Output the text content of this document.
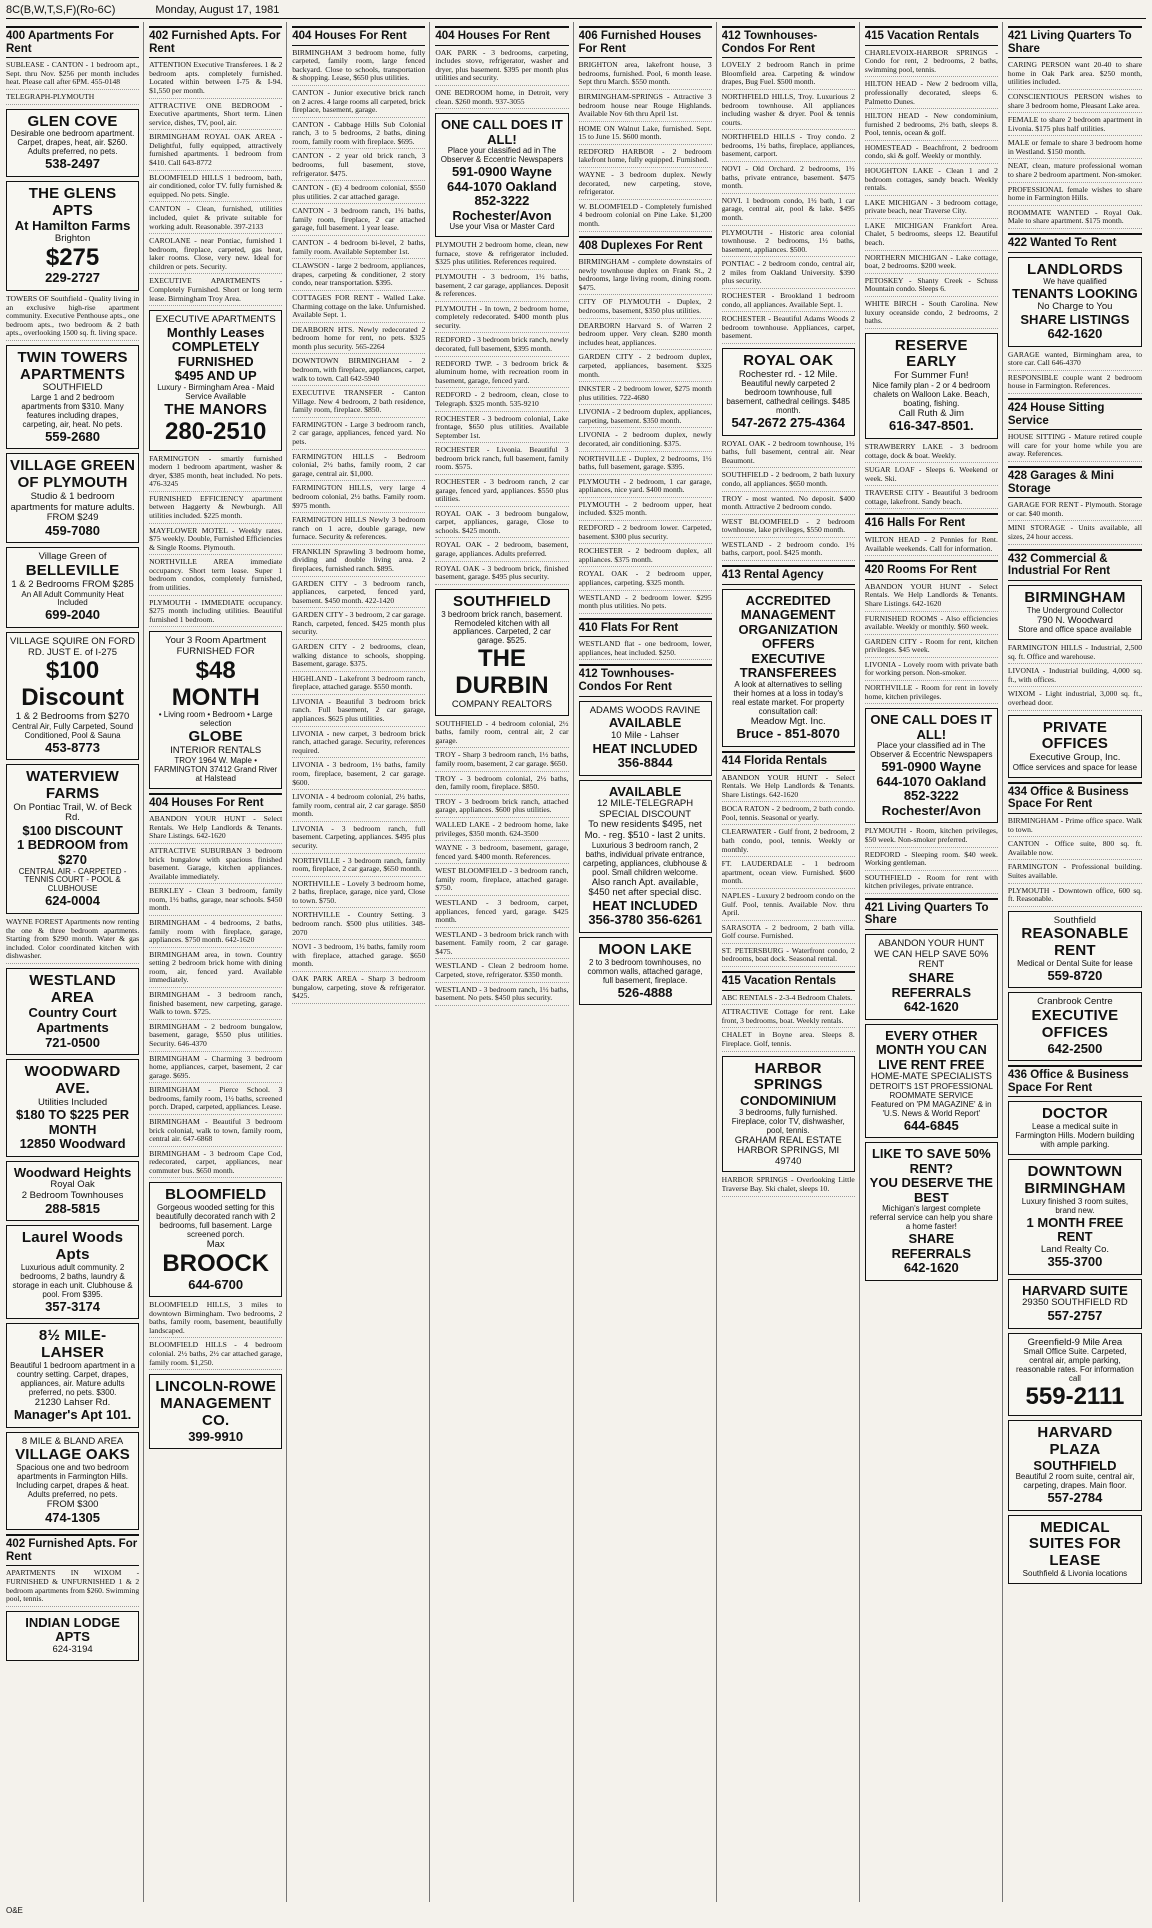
8C(B,W,T,S,F)(Ro-6C)	Monday, August 17, 1981
400 Apartments For Rent

SUBLEASE - CANTON - 1 bedroom apt., Sept. thru Nov. $256 per month includes heat. Please call after 6PM. 455-0148

TELEGRAPH-PLYMOUTH

GLEN COVE
Desirable one bedroom apartment. Carpet, drapes, heat, air. $260. Adults preferred, no pets.
538-2497
THE GLENS APTS
At Hamilton Farms
Brighton
$275
229-2727

TOWERS OF Southfield - Quality living in an exclusive high-rise apartment community. Executive Penthouse apts., one bedroom apts., two bedroom & 2 bath apts., overlooking 1500 sq. ft. living space.

TWIN TOWERS APARTMENTS
SOUTHFIELD
Large 1 and 2 bedroom apartments from $310. Many features including drapes, carpeting, air, heat. No pets.
559-2680
VILLAGE GREEN OF PLYMOUTH
Studio & 1 bedroom apartments for mature adults.
FROM $249
459-7080
Village Green of
BELLEVILLE
1 & 2 Bedrooms FROM $285
An All Adult Community Heat Included
699-2040
VILLAGE SQUIRE ON FORD RD. JUST E. of I-275
$100 Discount
1 & 2 Bedrooms from $270
Central Air, Fully Carpeted, Sound Conditioned, Pool & Sauna
453-8773
WATERVIEW FARMS
On Pontiac Trail, W. of Beck Rd.
$100 DISCOUNT
1 BEDROOM from $270
CENTRAL AIR - CARPETED - TENNIS COURT - POOL & CLUBHOUSE
624-0004

WAYNE FOREST Apartments now renting the one & three bedroom apartments. Starting from $290 month. Water & gas included. Color coordinated kitchen with dishwasher.

WESTLAND AREA
Country Court Apartments
721-0500
WOODWARD AVE.
Utilities Included
$180 TO $225 PER MONTH
12850 Woodward
Woodward Heights
Royal Oak
2 Bedroom Townhouses
288-5815
Laurel Woods Apts
Luxurious adult community. 2 bedrooms, 2 baths, laundry & storage in each unit. Clubhouse & pool. From $395.
357-3174
8½ MILE-LAHSER
Beautiful 1 bedroom apartment in a country setting. Carpet, drapes, appliances, air. Mature adults preferred, no pets. $300.
21230 Lahser Rd.
Manager's Apt 101.
8 MILE & BLAND AREA
VILLAGE OAKS
Spacious one and two bedroom apartments in Farmington Hills. Including carpet, drapes & heat. Adults preferred, no pets.
FROM $300
474-1305
402 Furnished Apts. For Rent

APARTMENTS IN WIXOM - FURNISHED & UNFURNISHED 1 & 2 bedroom apartments from $260. Swimming pool, tennis.

INDIAN LODGE APTS
624-3194
402 Furnished Apts. For Rent

ATTENTION Executive Transferees. 1 & 2 bedroom apts. completely furnished. Located within between I-75 & I-94. $1,550 per month.

ATTRACTIVE ONE BEDROOM - Executive apartments, Short term. Linen service, dishes, TV, pool, air.

BIRMINGHAM ROYAL OAK AREA - Delightful, fully equipped, attractively furnished apartments. 1 bedroom from $410. Call 643-8772

BLOOMFIELD HILLS 1 bedroom, bath, air conditioned, color TV. fully furnished & equipped. No pets. Single.

CANTON - Clean, furnished, utilities included, quiet & private suitable for working adult. Reasonable. 397-2133

CAROLANE - near Pontiac, furnished 1 bedroom, fireplace, carpeted, gas heat, laker rooms. Close, very new. Ideal for children or pets. Security.

EXECUTIVE APARTMENTS - Completely Furnished. Short or long term lease. Birmingham Troy Area.

EXECUTIVE APARTMENTS
Monthly Leases COMPLETELY FURNISHED
$495 AND UP
Luxury - Birmingham Area - Maid Service Available
THE MANORS
280-2510

FARMINGTON - smartly furnished modern 1 bedroom apartment, washer & dryer, $385 month, heat included. No pets. 476-3245

FURNISHED EFFICIENCY apartment between Haggerty & Newburgh. All utilities included. $225 month.

MAYFLOWER MOTEL - Weekly rates. $75 weekly. Double, Furnished Efficiencies & Single Rooms. Plymouth.

NORTHVILLE AREA immediate occupancy. Short term lease. Super 1 bedroom condos, completely furnished, from utilities.

PLYMOUTH - IMMEDIATE occupancy. $275 month including utilities. Beautiful furnished 1 bedroom.

Your 3 Room Apartment FURNISHED FOR
$48 MONTH
• Living room • Bedroom • Large selection
GLOBE
INTERIOR RENTALS
TROY 1964 W. Maple • FARMINGTON 37412 Grand River at Halstead
404 Houses For Rent

ABANDON YOUR HUNT - Select Rentals. We Help Landlords & Tenants. Share Listings. 642-1620

ATTRACTIVE SUBURBAN 3 bedroom brick bungalow with spacious finished basement. Garage, kitchen appliances. Available immediately.

BERKLEY - Clean 3 bedroom, family room, 1½ baths, garage, near schools. $450 month.

BIRMINGHAM - 4 bedrooms, 2 baths, family room with fireplace, garage, appliances. $750 month. 642-1620

BIRMINGHAM area, in town. Country setting 2 bedroom brick home with dining room, air, fenced yard. Available immediately.

BIRMINGHAM - 3 bedroom ranch, finished basement, new carpeting, garage. Walk to town. $725.

BIRMINGHAM - 2 bedroom bungalow, basement, garage, $550 plus utilities. Security. 646-4370

BIRMINGHAM - Charming 3 bedroom home, appliances, carpet, basement, 2 car garage. $695.

BIRMINGHAM - Pierce School. 3 bedrooms, family room, 1½ baths, screened porch. Draped, carpeted, appliances. Lease.

BIRMINGHAM - Beautiful 3 bedroom brick colonial, walk to town, family room, central air. 647-6868

BIRMINGHAM - 3 bedroom Cape Cod, redecorated, carpet, appliances, near commuter bus. $650 month.

BLOOMFIELD
Gorgeous wooded setting for this beautifully decorated ranch with 2 bedrooms, full basement. Large screened porch.
Max
BROOCK
644-6700

BLOOMFIELD HILLS, 3 miles to downtown Birmingham. Two bedrooms, 2 baths, family room, basement, beautifully landscaped.

BLOOMFIELD HILLS - 4 bedroom colonial. 2½ baths, 2½ car attached garage, family room. $1,250.

LINCOLN-ROWE MANAGEMENT CO.
399-9910
404 Houses For Rent

BIRMINGHAM 3 bedroom home, fully carpeted, family room, large fenced backyard. Close to schools, transportation & shopping. Lease, $650 plus utilities.

CANTON - Junior executive brick ranch on 2 acres. 4 large rooms all carpeted, brick fireplace, basement, garage.

CANTON - Cabbage Hills Sub Colonial ranch, 3 to 5 bedrooms, 2 baths, dining room, family room with fireplace. $695.

CANTON - 2 year old brick ranch, 3 bedrooms, full basement, stove, refrigerator. $475.

CANTON - (E) 4 bedroom colonial, $550 plus utilities. 2 car attached garage.

CANTON - 3 bedroom ranch, 1½ baths, family room, fireplace, 2 car attached garage, full basement. 1 year lease.

CANTON - 4 bedroom bi-level, 2 baths, family room. Available September 1st.

CLAWSON - large 2 bedroom, appliances, drapes, carpeting & conditioner, 2 story condo, near transportation. $395.

COTTAGES FOR RENT - Walled Lake. Charming cottage on the lake. Unfurnished. Available Sept. 1.

DEARBORN HTS. Newly redecorated 2 bedroom home for rent, no pets. $325 month plus security. 565-2264

DOWNTOWN BIRMINGHAM - 2 bedroom, with fireplace, appliances, carpet, walk to town. Call 642-5940

EXECUTIVE TRANSFER - Canton Village. New 4 bedroom, 2 bath residence, family room, fireplace. $850.

FARMINGTON - Large 3 bedroom ranch, 2 car garage, appliances, fenced yard. No pets.

FARMINGTON HILLS - Bedroom colonial, 2½ baths, family room, 2 car garage, central air. $1,000.

FARMINGTON HILLS, very large 4 bedroom colonial, 2½ baths. Family room. $975 month.

FARMINGTON HILLS Newly 3 bedroom ranch on 1 acre, double garage, new furnace. Security & references.

FRANKLIN Sprawling 3 bedroom home, dividing and double living area. 2 fireplaces, furnished ranch. $895.

GARDEN CITY - 3 bedroom ranch, appliances, carpeted, fenced yard, basement. $450 month. 422-1420

GARDEN CITY - 3 bedroom, 2 car garage. Ranch, carpeted, fenced. $425 month plus security.

GARDEN CITY - 2 bedrooms, clean, walking distance to schools, shopping. Basement, garage. $375.

HIGHLAND - Lakefront 3 bedroom ranch, fireplace, attached garage. $550 month.

LIVONIA - Beautiful 3 bedroom brick ranch. Full basement, 2 car garage, appliances. $625 plus utilities.

LIVONIA - new carpet, 3 bedroom brick ranch, attached garage. Security, references required.

LIVONIA - 3 bedroom, 1½ baths, family room, fireplace, basement, 2 car garage. $600.

LIVONIA - 4 bedroom colonial, 2½ baths, family room, central air, 2 car garage. $850 month.

LIVONIA - 3 bedroom ranch, full basement. Carpeting, appliances. $495 plus security.

NORTHVILLE - 3 bedroom ranch, family room, fireplace, 2 car garage, $650 month.

NORTHVILLE - Lovely 3 bedroom home, 2 baths, fireplace, garage, nice yard, Close to town. $750.

NORTHVILLE - Country Setting. 3 bedroom ranch. $500 plus utilities. 348-2070

NOVI - 3 bedroom, 1½ baths, family room with fireplace, attached garage. $650 month.

OAK PARK AREA - Sharp 3 bedroom bungalow, carpeting, stove & refrigerator. $425.

404 Houses For Rent

OAK PARK - 3 bedrooms, carpeting, includes stove, refrigerator, washer and dryer, plus basement. $395 per month plus utilities and security.

ONE BEDROOM home, in Detroit, very clean. $260 month. 937-3055

ONE CALL DOES IT ALL!
Place your classified ad in The Observer & Eccentric Newspapers
591-0900 Wayne
644-1070 Oakland
852-3222 Rochester/Avon
Use your Visa or Master Card

PLYMOUTH 2 bedroom home, clean, new furnace, stove & refrigerator included. $325 plus utilities. References required.

PLYMOUTH - 3 bedroom, 1½ baths, basement, 2 car garage, appliances. Deposit & references.

PLYMOUTH - In town, 2 bedroom home, completely redecorated. $400 month plus security.

REDFORD - 3 bedroom brick ranch, newly decorated, full basement, $395 month.

REDFORD TWP. - 3 bedroom brick & aluminum home, with recreation room in basement, garage, fenced yard.

REDFORD - 2 bedroom, clean, close to Telegraph. $325 month. 535-9210

ROCHESTER - 3 bedroom colonial, Lake frontage, $650 plus utilities. Available September 1st.

ROCHESTER - Livonia. Beautiful 3 bedroom brick ranch, full basement, family room. $575.

ROCHESTER - 3 bedroom ranch, 2 car garage, fenced yard, appliances. $550 plus utilities.

ROYAL OAK - 3 bedroom bungalow, carpet, appliances, garage, Close to schools. $425 month.

ROYAL OAK - 2 bedroom, basement, garage, appliances. Adults preferred.

ROYAL OAK - 3 bedroom brick, finished basement, garage. $495 plus security.

SOUTHFIELD
3 bedroom brick ranch, basement. Remodeled kitchen with all appliances. Carpeted, 2 car garage. $525.
THE
DURBIN
COMPANY REALTORS

SOUTHFIELD - 4 bedroom colonial, 2½ baths, family room, central air, 2 car garage.

TROY - Sharp 3 bedroom ranch, 1½ baths, family room, basement, 2 car garage. $650.

TROY - 3 bedroom colonial, 2½ baths, den, family room, fireplace. $850.

TROY - 3 bedroom brick ranch, attached garage, appliances. $600 plus utilities.

WALLED LAKE - 2 bedroom home, lake privileges, $350 month. 624-3500

WAYNE - 3 bedroom, basement, garage, fenced yard. $400 month. References.

WEST BLOOMFIELD - 3 bedroom ranch, family room, fireplace, attached garage. $750.

WESTLAND - 3 bedroom, carpet, appliances, fenced yard, garage. $425 month.

WESTLAND - 3 bedroom brick ranch with basement. Family room, 2 car garage. $475.

WESTLAND - Clean 2 bedroom home. Carpeted, stove, refrigerator. $350 month.

WESTLAND - 3 bedroom ranch, 1½ baths, basement. No pets. $450 plus security.

406 Furnished Houses For Rent

BRIGHTON area, lakefront house, 3 bedrooms, furnished. Pool, 6 month lease. Sept thru March. $550 month.

BIRMINGHAM-SPRINGS - Attractive 3 bedroom house near Rouge Highlands. Available Nov 6th thru April 1st.

HOME ON Walnut Lake, furnished. Sept. 15 to June 15. $600 month.

REDFORD HARBOR - 2 bedroom lakefront home, fully equipped. Furnished.

WAYNE - 3 bedroom duplex. Newly decorated, new carpeting, stove, refrigerator.

W. BLOOMFIELD - Completely furnished 4 bedroom colonial on Pine Lake. $1,200 month.

408 Duplexes For Rent

BIRMINGHAM - complete downstairs of newly townhouse duplex on Frank St., 2 bedrooms, large living room, dining room. $475.

CITY OF PLYMOUTH - Duplex, 2 bedrooms, basement, $350 plus utilities.

DEARBORN Harvard S. of Warren 2 bedroom upper. Very clean. $280 month includes heat, appliances.

GARDEN CITY - 2 bedroom duplex, carpeted, appliances, basement. $325 month.

INKSTER - 2 bedroom lower, $275 month plus utilities. 722-4680

LIVONIA - 2 bedroom duplex, appliances, carpeting, basement. $350 month.

LIVONIA - 2 bedroom duplex, newly decorated, air conditioning. $375.

NORTHVILLE - Duplex, 2 bedrooms, 1½ baths, full basement, garage. $395.

PLYMOUTH - 2 bedroom, 1 car garage, appliances, nice yard. $400 month.

PLYMOUTH - 2 bedroom upper, heat included. $325 month.

REDFORD - 2 bedroom lower. Carpeted, basement. $300 plus security.

ROCHESTER - 2 bedroom duplex, all appliances. $375 month.

ROYAL OAK - 2 bedroom upper, appliances, carpeting. $325 month.

WESTLAND - 2 bedroom lower. $295 month plus utilities. No pets.

410 Flats For Rent

WESTLAND flat - one bedroom, lower, appliances, heat included. $250.

412 Townhouses-Condos For Rent
ADAMS WOODS RAVINE
AVAILABLE
10 Mile - Lahser
HEAT INCLUDED
356-8844
AVAILABLE
12 MILE-TELEGRAPH SPECIAL DISCOUNT
To new residents $495, net Mo. - reg. $510 - last 2 units.
Luxurious 3 bedroom ranch, 2 baths, individual private entrance, carpeting, appliances, clubhouse & pool. Small children welcome.
Also ranch Apt. available, $450 net after special disc.
HEAT INCLUDED
356-3780 356-6261
MOON LAKE
2 to 3 bedroom townhouses, no common walls, attached garage, full basement, fireplace.
526-4888
412 Townhouses-Condos For Rent

LOVELY 2 bedroom Ranch in prime Bloomfield area. Carpeting & window drapes, Bug Fuel. $500 month.

NORTHFIELD HILLS, Troy. Luxurious 2 bedroom townhouse. All appliances including washer & dryer. Pool & tennis courts.

NORTHFIELD HILLS - Troy condo. 2 bedrooms, 1½ baths, fireplace, appliances, basement, carport.

NOVI - Old Orchard. 2 bedrooms, 1½ baths, private entrance, basement. $475 month.

NOVI. 1 bedroom condo, 1½ bath, 1 car garage, central air, pool & lake. $495 month.

PLYMOUTH - Historic area colonial townhouse. 2 bedrooms, 1½ baths, basement, appliances. $500.

PONTIAC - 2 bedroom condo, central air, 2 miles from Oakland University. $390 plus security.

ROCHESTER - Brookland 1 bedroom condo, all appliances. Available Sept. 1.

ROCHESTER - Beautiful Adams Woods 2 bedroom townhouse. Appliances, carpet, basement.

ROYAL OAK
Rochester rd. - 12 Mile.
Beautiful newly carpeted 2 bedroom townhouse, full basement, cathedral ceilings. $485 month.
547-2672 275-4364

ROYAL OAK - 2 bedroom townhouse, 1½ baths, full basement, central air. Near Beaumont.

SOUTHFIELD - 2 bedroom, 2 bath luxury condo, all appliances. $650 month.

TROY - most wanted. No deposit. $400 month. Attractive 2 bedroom condo.

WEST BLOOMFIELD - 2 bedroom townhouse, lake privileges, $550 month.

WESTLAND - 2 bedroom condo. 1½ baths, carport, pool. $425 month.

413 Rental Agency
ACCREDITED MANAGEMENT ORGANIZATION OFFERS EXECUTIVE TRANSFEREES
A look at alternatives to selling their homes at a loss in today's real estate market. For property consultation call:
Meadow Mgt. Inc.
Bruce - 851-8070
414 Florida Rentals

ABANDON YOUR HUNT - Select Rentals. We Help Landlords & Tenants. Share Listings. 642-1620

BOCA RATON - 2 bedroom, 2 bath condo. Pool, tennis. Seasonal or yearly.

CLEARWATER - Gulf front, 2 bedroom, 2 bath condo, pool, tennis. Weekly or monthly.

FT. LAUDERDALE - 1 bedroom apartment, ocean view. Furnished. $600 month.

NAPLES - Luxury 2 bedroom condo on the Gulf. Pool, tennis. Available Nov. thru April.

SARASOTA - 2 bedroom, 2 bath villa. Golf course. Furnished.

ST. PETERSBURG - Waterfront condo, 2 bedrooms, boat dock. Seasonal rental.

415 Vacation Rentals

ABC RENTALS - 2-3-4 Bedroom Chalets.

ATTRACTIVE Cottage for rent. Lake front, 3 bedrooms, boat. Weekly rentals.

CHALET in Boyne area. Sleeps 8. Fireplace. Golf, tennis.

HARBOR SPRINGS
CONDOMINIUM
3 bedrooms, fully furnished. Fireplace, color TV, dishwasher, pool, tennis.
GRAHAM REAL ESTATE HARBOR SPRINGS, MI 49740

HARBOR SPRINGS - Overlooking Little Traverse Bay. Ski chalet, sleeps 10.

415 Vacation Rentals

CHARLEVOIX-HARBOR SPRINGS - Condo for rent, 2 bedrooms, 2 baths, swimming pool, tennis.

HILTON HEAD - New 2 bedroom villa, professionally decorated, sleeps 6. Palmetto Dunes.

HILTON HEAD - New condominium, furnished 2 bedrooms, 2½ bath, sleeps 8. Pool, tennis, ocean & golf.

HOMESTEAD - Beachfront, 2 bedroom condo, ski & golf. Weekly or monthly.

HOUGHTON LAKE - Clean 1 and 2 bedroom cottages, sandy beach. Weekly rentals.

LAKE MICHIGAN - 3 bedroom cottage, private beach, near Traverse City.

LAKE MICHIGAN Frankfort Area. Chalet, 5 bedrooms, sleeps 12. Beautiful beach.

NORTHERN MICHIGAN - Lake cottage, boat, 2 bedrooms. $200 week.

PETOSKEY - Shanty Creek - Schuss Mountain condo. Sleeps 6.

WHITE BIRCH - South Carolina. New luxury oceanside condo, 2 bedrooms, 2 baths.

RESERVE EARLY
For Summer Fun!
Nice family plan - 2 or 4 bedroom chalets on Walloon Lake. Beach, boating, fishing.
Call Ruth & Jim
616-347-8501.

STRAWBERRY LAKE - 3 bedroom cottage, dock & boat. Weekly.

SUGAR LOAF - Sleeps 6. Weekend or week. Ski.

TRAVERSE CITY - Beautiful 3 bedroom cottage, lakefront. Sandy beach.

416 Halls For Rent

WILTON HEAD - 2 Pennies for Rent. Available weekends. Call for information.

420 Rooms For Rent

ABANDON YOUR HUNT - Select Rentals. We Help Landlords & Tenants. Share Listings. 642-1620

FURNISHED ROOMS - Also efficiencies available. Weekly or monthly. $60 week.

GARDEN CITY - Room for rent, kitchen privileges. $45 week.

LIVONIA - Lovely room with private bath for working person. Non-smoker.

NORTHVILLE - Room for rent in lovely home, kitchen privileges.

ONE CALL DOES IT ALL!
Place your classified ad in The Observer & Eccentric Newspapers
591-0900 Wayne
644-1070 Oakland
852-3222 Rochester/Avon

PLYMOUTH - Room, kitchen privileges, $50 week. Non-smoker preferred.

REDFORD - Sleeping room. $40 week. Working gentleman.

SOUTHFIELD - Room for rent with kitchen privileges, private entrance.

421 Living Quarters To Share
ABANDON YOUR HUNT
WE CAN HELP SAVE 50% RENT
SHARE REFERRALS
642-1620
EVERY OTHER MONTH YOU CAN LIVE RENT FREE
HOME-MATE SPECIALISTS
DETROIT'S 1ST PROFESSIONAL ROOMMATE SERVICE
Featured on 'PM MAGAZINE' & in 'U.S. News & World Report'
644-6845
LIKE TO SAVE 50% RENT?
YOU DESERVE THE BEST
Michigan's largest complete referral service can help you share a home faster!
SHARE REFERRALS
642-1620
421 Living Quarters To Share

CARING PERSON want 20-40 to share home in Oak Park area. $250 month, utilities included.

CONSCIENTIOUS PERSON wishes to share 3 bedroom home, Pleasant Lake area.

FEMALE to share 2 bedroom apartment in Livonia. $175 plus half utilities.

MALE or female to share 3 bedroom home in Westland. $150 month.

NEAT, clean, mature professional woman to share 2 bedroom apartment. Non-smoker.

PROFESSIONAL female wishes to share home in Farmington Hills.

ROOMMATE WANTED - Royal Oak. Male to share apartment. $175 month.

422 Wanted To Rent
LANDLORDS
We have qualified
TENANTS LOOKING
No Charge to You
SHARE LISTINGS
642-1620

GARAGE wanted, Birmingham area, to store car. Call 646-4370

RESPONSIBLE couple want 2 bedroom house in Farmington. References.

424 House Sitting Service

HOUSE SITTING - Mature retired couple will care for your home while you are away. References.

428 Garages & Mini Storage

GARAGE FOR RENT - Plymouth. Storage or car. $40 month.

MINI STORAGE - Units available, all sizes, 24 hour access.

432 Commercial & Industrial For Rent
BIRMINGHAM
The Underground Collector
790 N. Woodward
Store and office space available

FARMINGTON HILLS - Industrial, 2,500 sq. ft. Office and warehouse.

LIVONIA - Industrial building, 4,000 sq. ft., with offices.

WIXOM - Light industrial, 3,000 sq. ft., overhead door.

PRIVATE OFFICES
Executive Group, Inc.
Office services and space for lease
434 Office & Business Space For Rent

BIRMINGHAM - Prime office space. Walk to town.

CANTON - Office suite, 800 sq. ft. Available now.

FARMINGTON - Professional building. Suites available.

PLYMOUTH - Downtown office, 600 sq. ft. Reasonable.

Southfield
REASONABLE RENT
Medical or Dental Suite for lease
559-8720
Cranbrook Centre
EXECUTIVE OFFICES
642-2500
436 Office & Business Space For Rent
DOCTOR
Lease a medical suite in Farmington Hills. Modern building with ample parking.
DOWNTOWN BIRMINGHAM
Luxury finished 3 room suites, brand new.
1 MONTH FREE RENT
Land Realty Co.
355-3700
HARVARD SUITE
29350 SOUTHFIELD RD
557-2757
Greenfield-9 Mile Area
Small Office Suite. Carpeted, central air, ample parking, reasonable rates. For information call
559-2111
HARVARD PLAZA
SOUTHFIELD
Beautiful 2 room suite, central air, carpeting, drapes. Main floor.
557-2784
MEDICAL SUITES FOR LEASE
Southfield & Livonia locations
O&E
